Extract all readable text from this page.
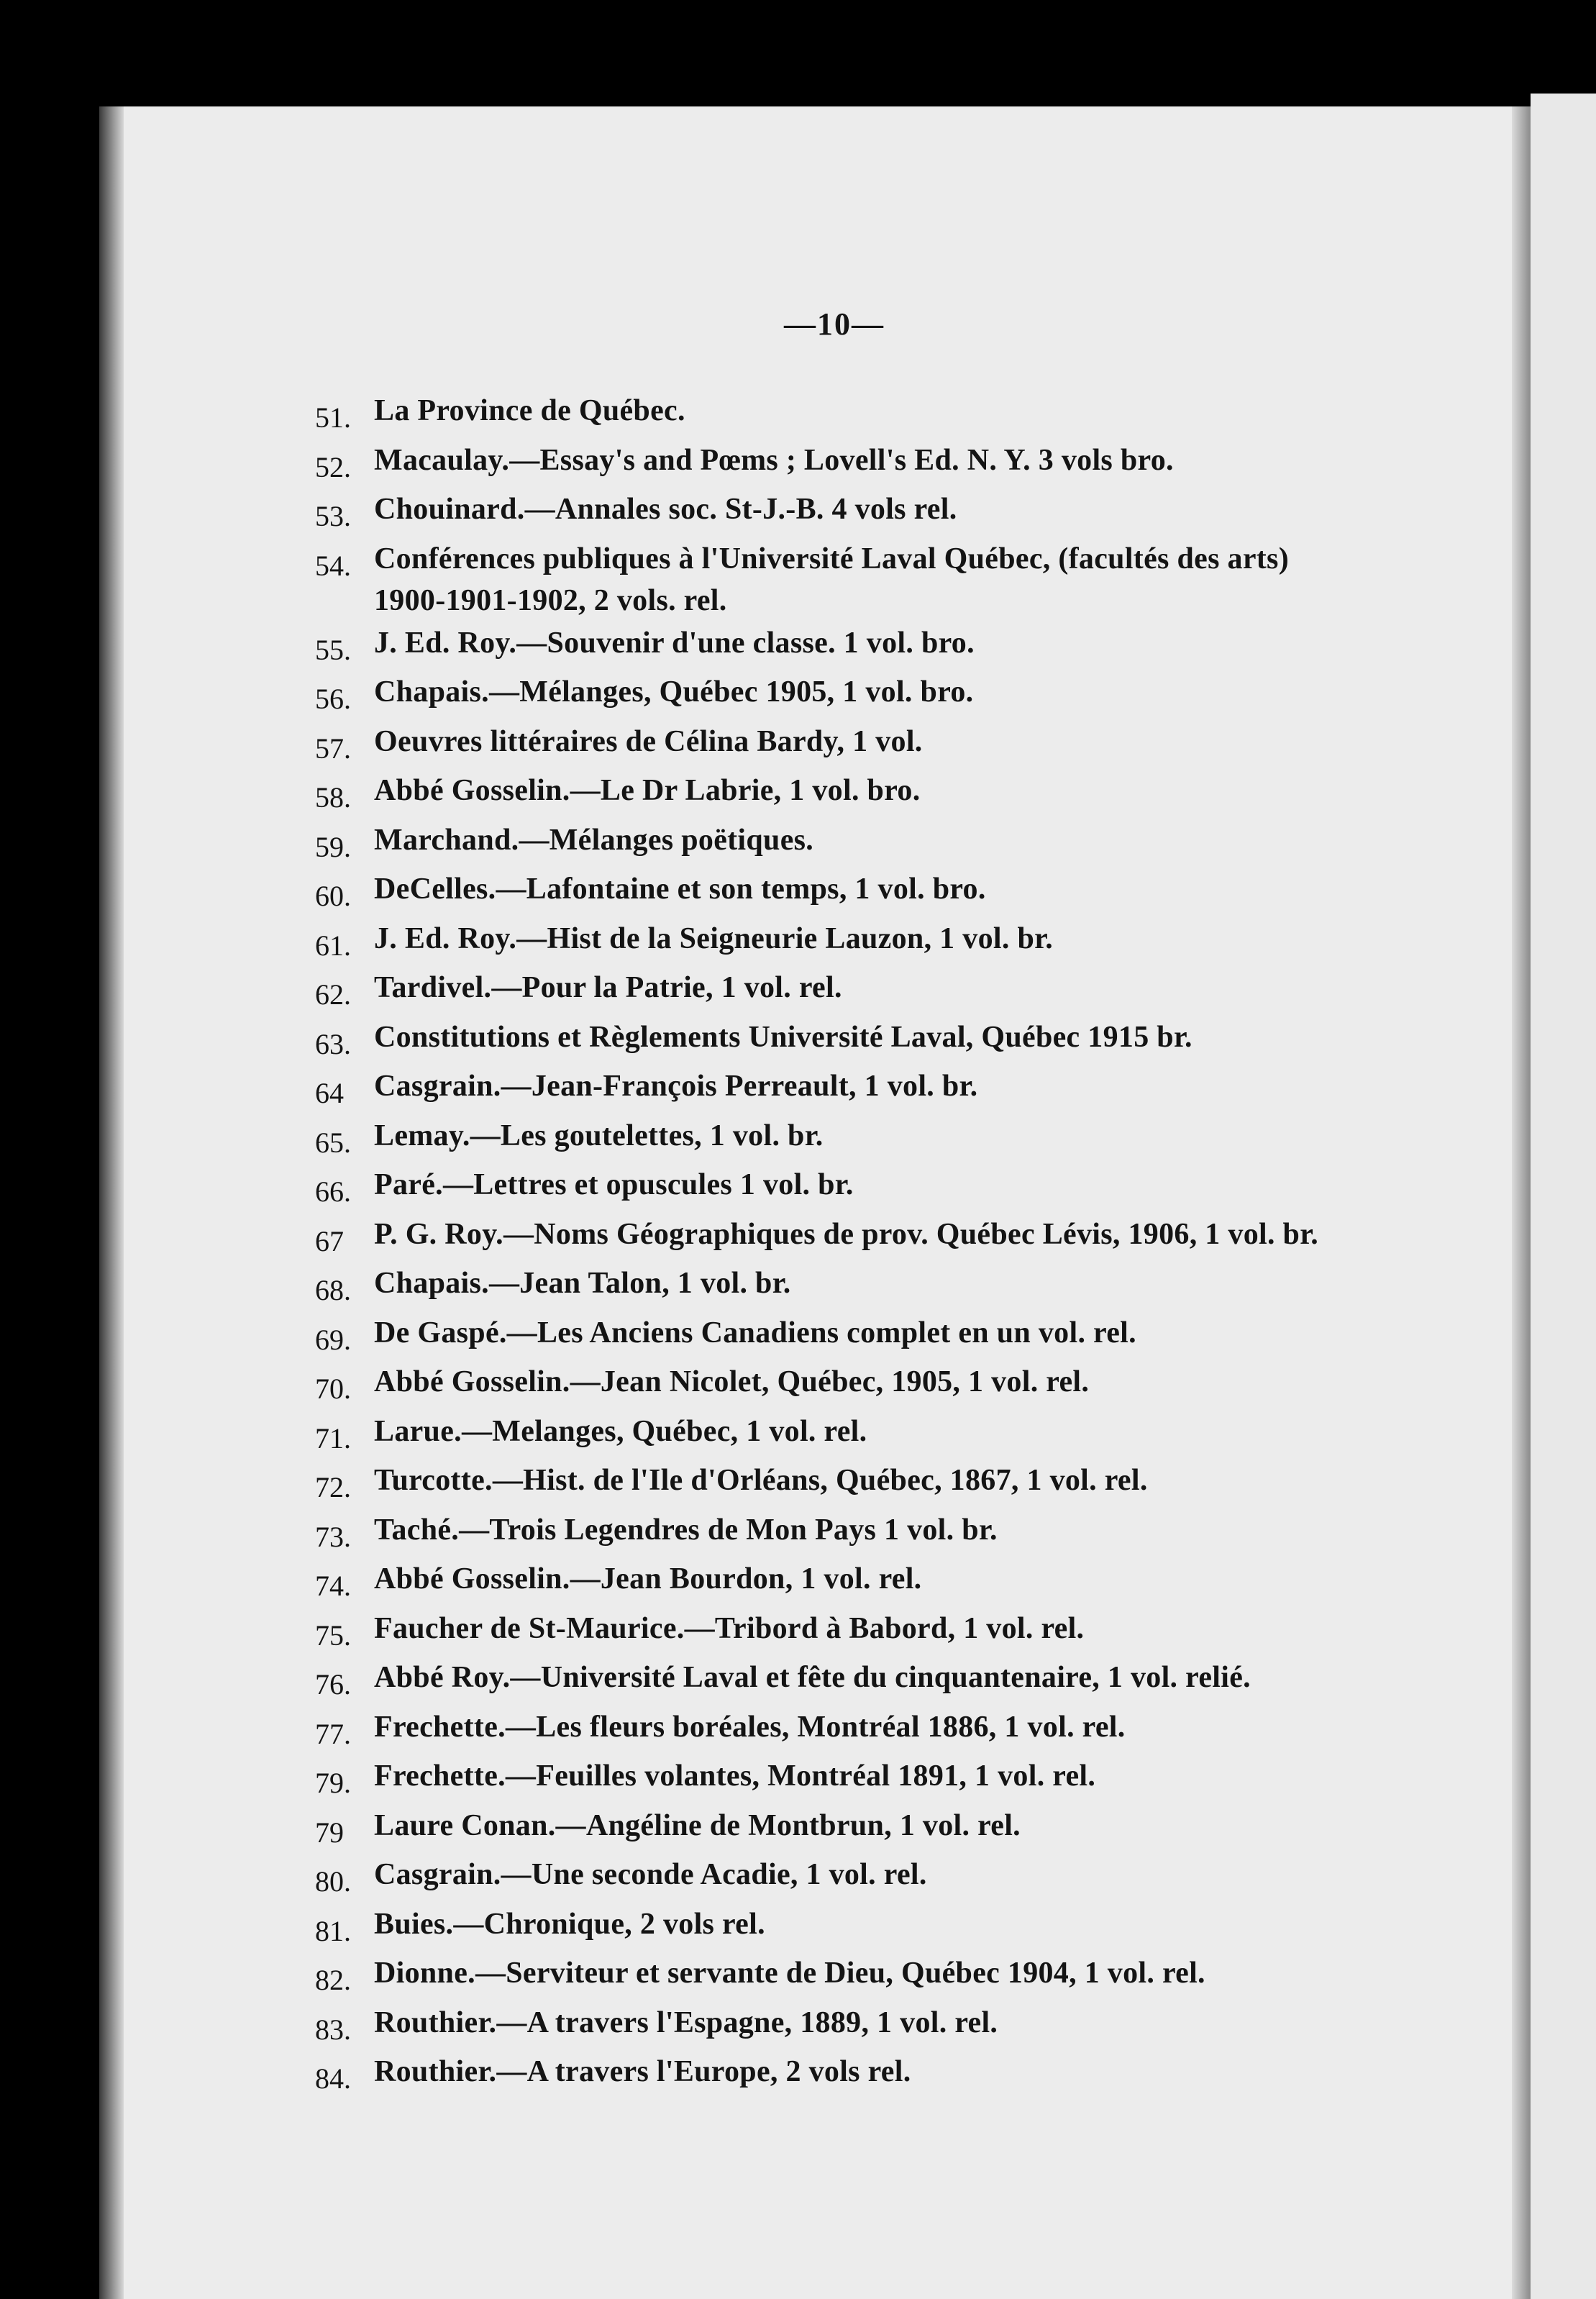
—10—
51. La Province de Québec.
52. Macaulay.—Essay's and Pœms ; Lovell's Ed. N. Y. 3 vols bro.
53. Chouinard.—Annales soc. St-J.-B. 4 vols rel.
54. Conférences publiques à l'Université Laval Québec, (facultés des arts) 1900-1901-1902, 2 vols. rel.
55. J. Ed. Roy.—Souvenir d'une classe. 1 vol. bro.
56. Chapais.—Mélanges, Québec 1905, 1 vol. bro.
57. Oeuvres littéraires de Célina Bardy, 1 vol.
58. Abbé Gosselin.—Le Dr Labrie, 1 vol. bro.
59. Marchand.—Mélanges poëtiques.
60. DeCelles.—Lafontaine et son temps, 1 vol. bro.
61. J. Ed. Roy.—Hist de la Seigneurie Lauzon, 1 vol. br.
62. Tardivel.—Pour la Patrie, 1 vol. rel.
63. Constitutions et Règlements Université Laval, Québec 1915 br.
64	Casgrain.—Jean-François Perreault, 1 vol. br.
65. Lemay.—Les goutelettes, 1 vol. br.
66. Paré.—Lettres et opuscules 1 vol. br.
67	P. G. Roy.—Noms Géographiques de prov. Québec Lévis, 1906, 1 vol. br.
68. Chapais.—Jean Talon, 1 vol. br.
69. De Gaspé.—Les Anciens Canadiens complet en un vol. rel.
70. Abbé Gosselin.—Jean Nicolet, Québec, 1905, 1 vol. rel.
71. Larue.—Melanges, Québec, 1 vol. rel.
72. Turcotte.—Hist. de l'Ile d'Orléans, Québec, 1867, 1 vol. rel.
73. Taché.—Trois Legendres de Mon Pays 1 vol. br.
74. Abbé Gosselin.—Jean Bourdon, 1 vol. rel.
75. Faucher de St-Maurice.—Tribord à Babord, 1 vol. rel.
76. Abbé Roy.—Université Laval et fête du cinquantenaire, 1 vol. relié.
77. Frechette.—Les fleurs boréales, Montréal 1886, 1 vol. rel.
79. Frechette.—Feuilles volantes, Montréal 1891, 1 vol. rel.
79	Laure Conan.—Angéline de Montbrun, 1 vol. rel.
80. Casgrain.—Une seconde Acadie, 1 vol. rel.
81. Buies.—Chronique, 2 vols rel.
82. Dionne.—Serviteur et servante de Dieu, Québec 1904, 1 vol. rel.
83. Routhier.—A travers l'Espagne, 1889, 1 vol. rel.
84. Routhier.—A travers l'Europe, 2 vols rel.
